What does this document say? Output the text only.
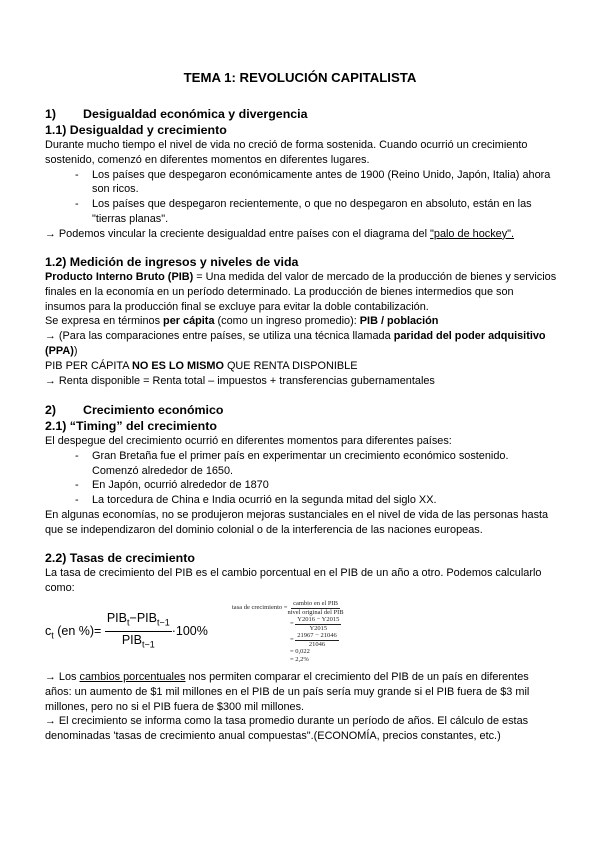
TEMA 1: REVOLUCIÓN CAPITALISTA
1) Desigualdad económica y divergencia
1.1) Desigualdad y crecimiento

Durante mucho tiempo el nivel de vida no creció de forma sostenida. Cuando ocurrió un crecimiento sostenido, comenzó en diferentes momentos en diferentes lugares.

- Los países que despegaron económicamente antes de 1900 (Reino Unido, Japón, Italia) ahora son ricos.
- Los países que despegaron recientemente, o que no despegaron en absoluto, están en las "tierras planas".

→ Podemos vincular la creciente desigualdad entre países con el diagrama del "palo de hockey".

1.2) Medición de ingresos y niveles de vida

Producto Interno Bruto (PIB) = Una medida del valor de mercado de la producción de bienes y servicios finales en la economía en un período determinado. La producción de bienes intermedios que son insumos para la producción final se excluye para evitar la doble contabilización.

Se expresa en términos per cápita (como un ingreso promedio): PIB / población

→ (Para las comparaciones entre países, se utiliza una técnica llamada paridad del poder adquisitivo (PPA))

PIB PER CÁPITA NO ES LO MISMO QUE RENTA DISPONIBLE

→ Renta disponible = Renta total – impuestos + transferencias gubernamentales

2) Crecimiento económico
2.1) “Timing” del crecimiento

El despegue del crecimiento ocurrió en diferentes momentos para diferentes países:

- Gran Bretaña fue el primer país en experimentar un crecimiento económico sostenido. Comenzó alrededor de 1650.
- En Japón, ocurrió alrededor de 1870
- La torcedura de China e India ocurrió en la segunda mitad del siglo XX.

En algunas economías, no se produjeron mejoras sustanciales en el nivel de vida de las personas hasta que se independizaron del dominio colonial o de la interferencia de las naciones europeas.

2.2) Tasas de crecimiento

La tasa de crecimiento del PIB es el cambio porcentual en el PIB de un año a otro. Podemos calcularlo como:

$c_t$ (en %)= $\frac{PIB_t-PIB_{t-1}}{PIB_{t-1}} \cdot 100\%$
tasa de crecimiento =
cambio en el PIB
nivel original del PIB
= $\frac{Y2016 - Y2015}{Y2015}$
= $\frac{21967 - 21046}{21046}$
= 0,022
= 2,2%

→ Los cambios porcentuales nos permiten comparar el crecimiento del PIB de un país en diferentes años: un aumento de $1 mil millones en el PIB de un país sería muy grande si el PIB fuera de $3 mil millones, pero no si el PIB fuera de $300 mil millones.

→ El crecimiento se informa como la tasa promedio durante un período de años. El cálculo de estas denominadas 'tasas de crecimiento anual compuestas".(ECONOMÍA, precios constantes, etc.)
